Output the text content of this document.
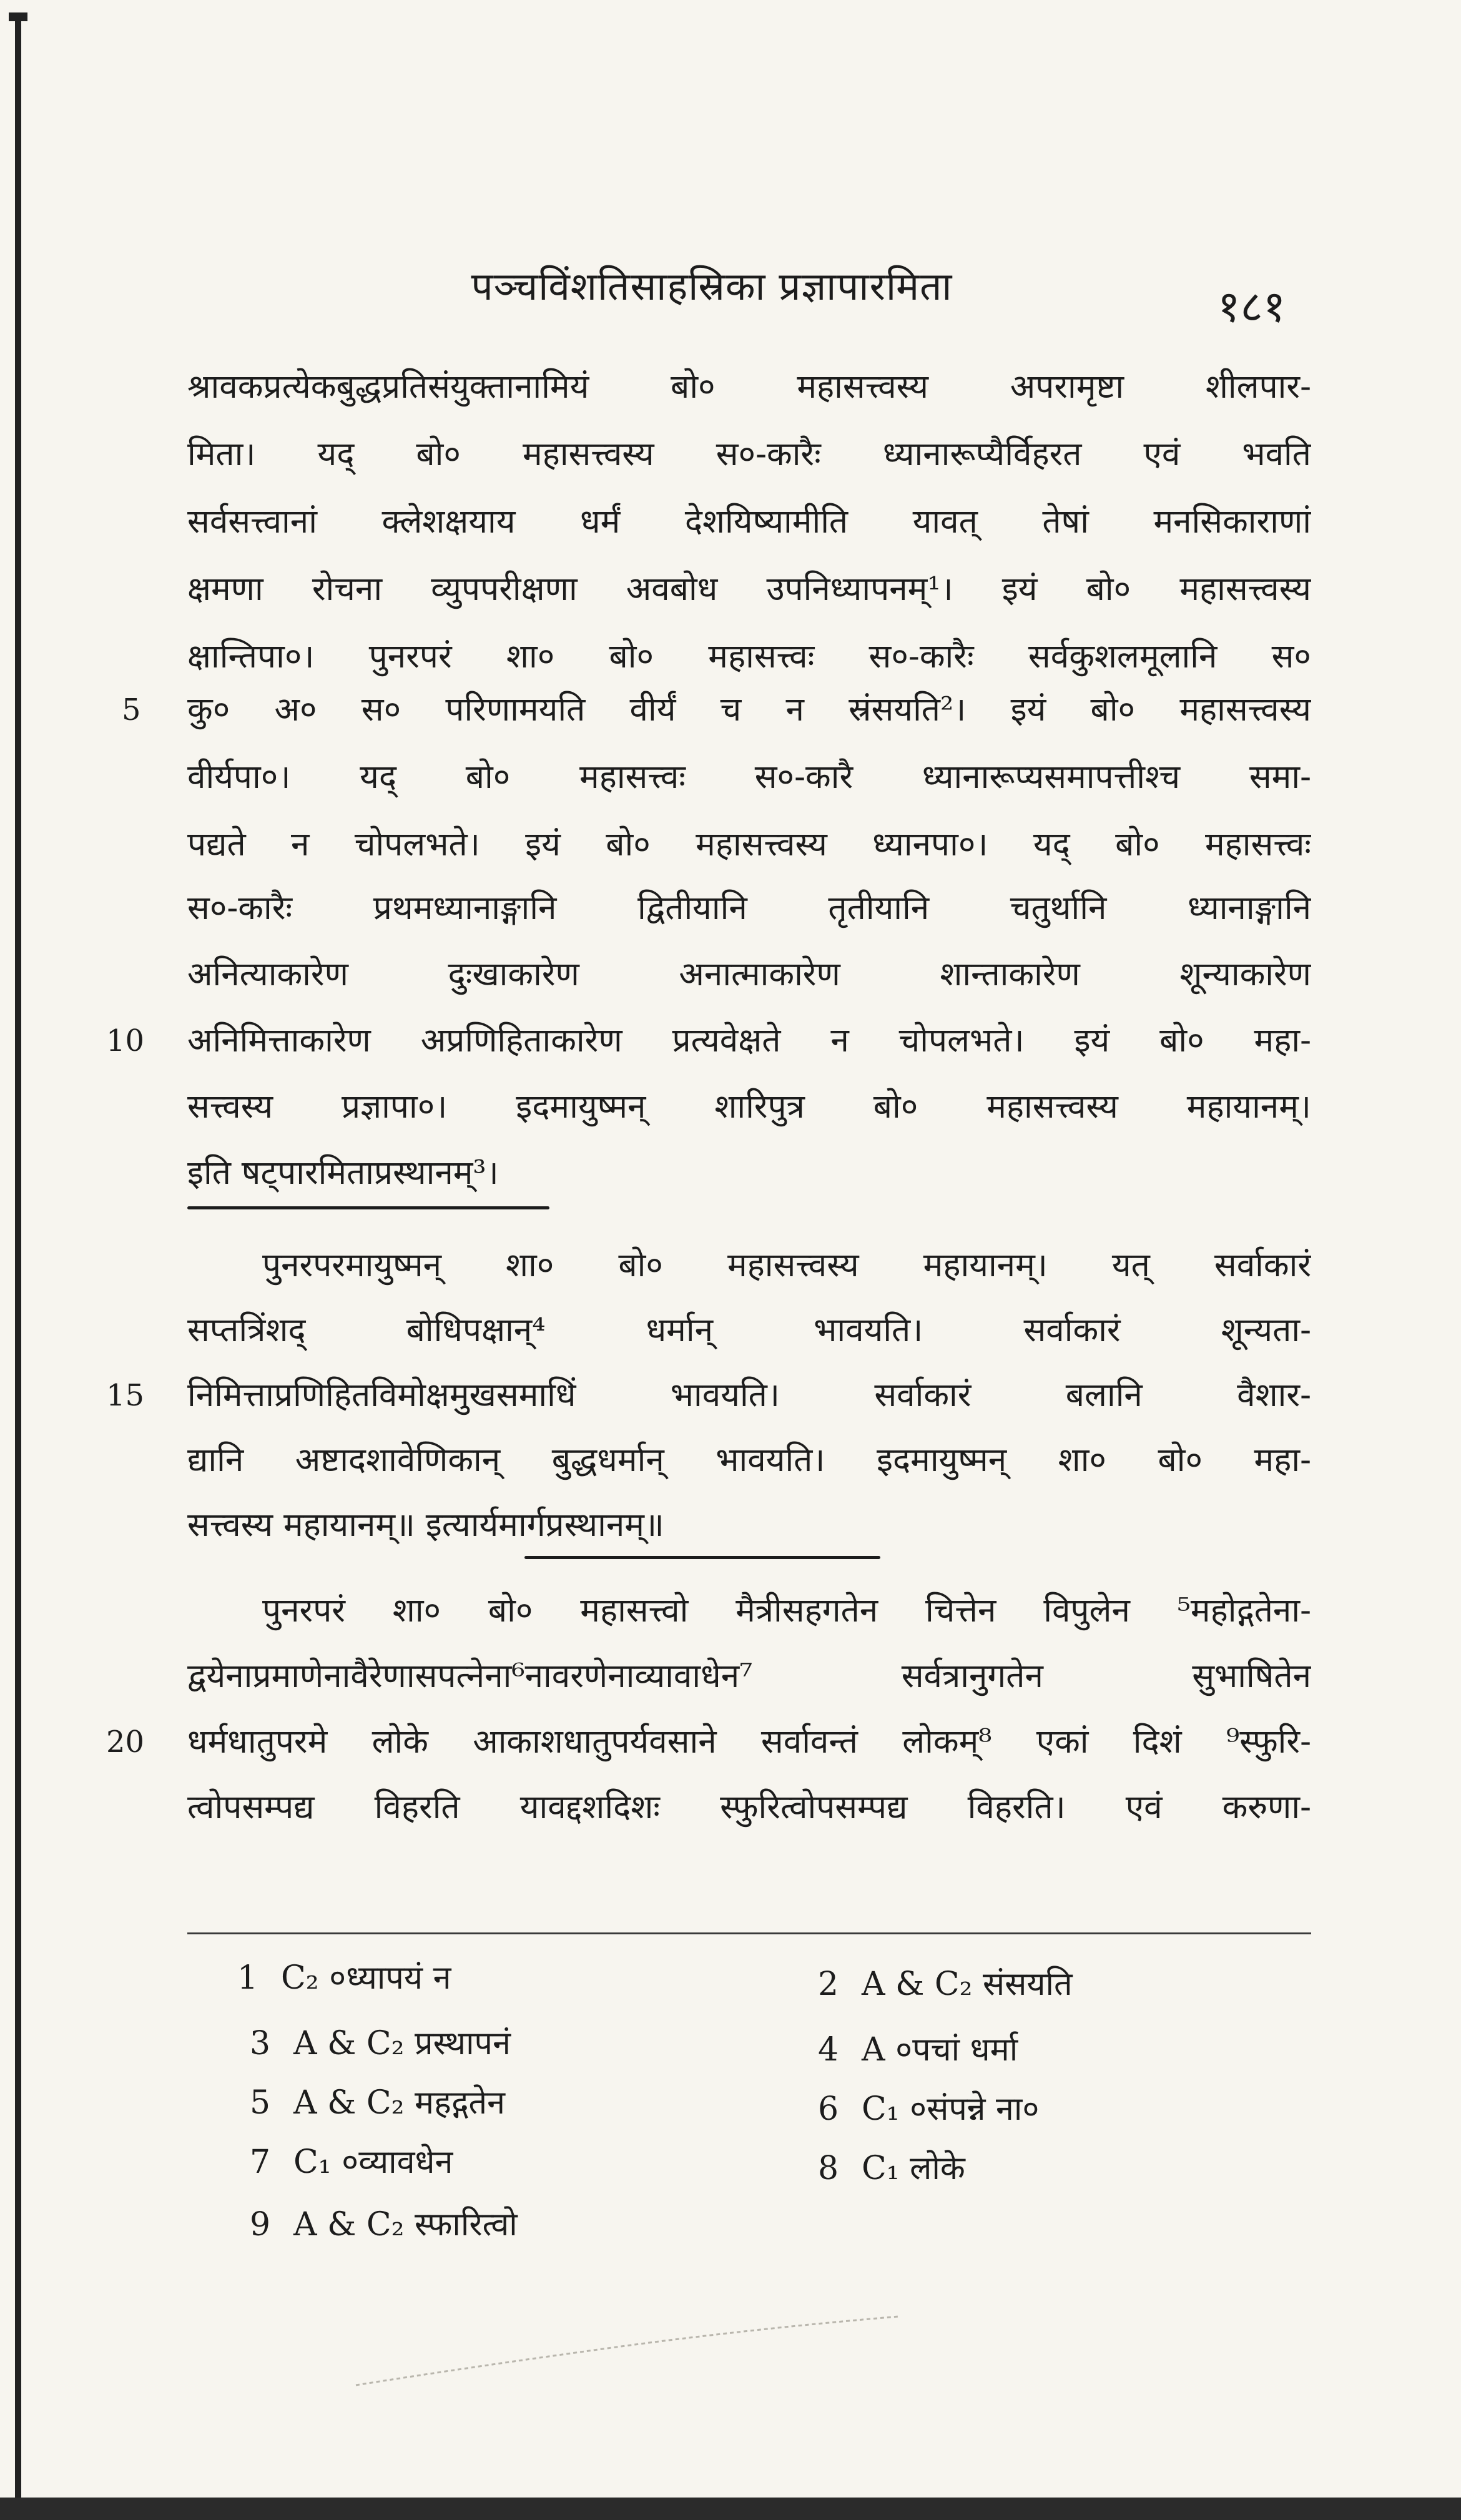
पञ्चविंशतिसाहस्रिका प्रज्ञापारमिता	१८१
5
10
15
20
श्रावकप्रत्येकबुद्धप्रतिसंयुक्तानामियं बो० महासत्त्वस्य अपरामृष्टा शीलपार-
मिता। यद् बो० महासत्त्वस्य स०-कारैः ध्यानारूप्यैर्विहरत एवं भवति
सर्वसत्त्वानां क्लेशक्षयाय धर्मं देशयिष्यामीति यावत् तेषां मनसिकाराणां
क्षमणा रोचना व्युपपरीक्षणा अवबोध उपनिध्यापनम्¹। इयं बो० महासत्त्वस्य
क्षान्तिपा०। पुनरपरं शा० बो० महासत्त्वः स०-कारैः सर्वकुशलमूलानि स०
कु० अ० स० परिणामयति वीर्यं च न स्रंसयति²। इयं बो० महासत्त्वस्य
वीर्यपा०। यद् बो० महासत्त्वः स०-कारै ध्यानारूप्यसमापत्तीश्च समा-
पद्यते न चोपलभते। इयं बो० महासत्त्वस्य ध्यानपा०। यद् बो० महासत्त्वः
स०-कारैः प्रथमध्यानाङ्गानि द्वितीयानि तृतीयानि चतुर्थानि ध्यानाङ्गानि
अनित्याकारेण दुःखाकारेण अनात्माकारेण शान्ताकारेण शून्याकारेण
अनिमित्ताकारेण अप्रणिहिताकारेण प्रत्यवेक्षते न चोपलभते। इयं बो० महा-
सत्त्वस्य प्रज्ञापा०। इदमायुष्मन् शारिपुत्र बो० महासत्त्वस्य महायानम्।
इति षट्पारमिताप्रस्थानम्³।
पुनरपरमायुष्मन् शा० बो० महासत्त्वस्य महायानम्। यत् सर्वाकारं
सप्तत्रिंशद् बोधिपक्षान्⁴ धर्मान् भावयति। सर्वाकारं शून्यता-
निमित्ताप्रणिहितविमोक्षमुखसमाधिं भावयति। सर्वाकारं बलानि वैशार-
द्यानि अष्टादशावेणिकान् बुद्धधर्मान् भावयति। इदमायुष्मन् शा० बो० महा-
सत्त्वस्य महायानम्॥ इत्यार्यमार्गप्रस्थानम्॥
पुनरपरं शा० बो० महासत्त्वो मैत्रीसहगतेन चित्तेन विपुलेन ⁵महोद्गतेना-
द्वयेनाप्रमाणेनावैरेणासपत्नेना⁶नावरणेनाव्यावाधेन⁷ सर्वत्रानुगतेन सुभाषितेन
धर्मधातुपरमे लोके आकाशधातुपर्यवसाने सर्वावन्तं लोकम्⁸ एकां दिशं ⁹स्फुरि-
त्वोपसम्पद्य विहरति यावद्दशदिशः स्फुरित्वोपसम्पद्य विहरति। एवं करुणा-
1 C₂ ०ध्यापयं न	2 A & C₂ संसयति
3 A & C₂ प्रस्थापनं	4 A ०पचां धर्मा
5 A & C₂ महद्गतेन	6 C₁ ०संपन्ने ना०
7 C₁ ०व्यावधेन	8 C₁ लोके
9 A & C₂ स्फारित्वो
